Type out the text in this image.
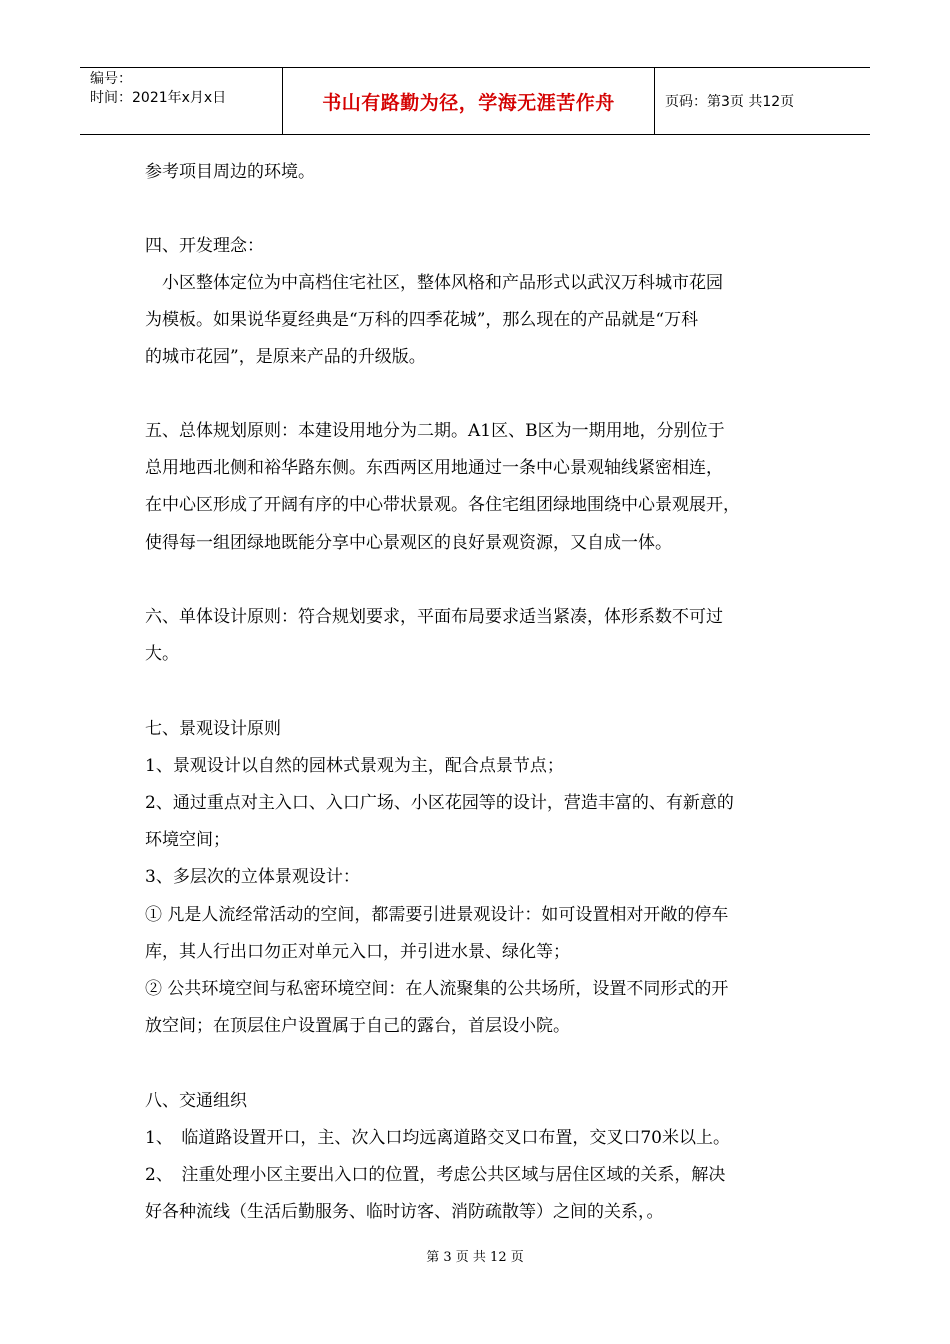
编号：
时间：2021年x月x日	书山有路勤为径，学海无涯苦作舟	页码：第3页 共12页
参考项目周边的环境。
四、开发理念：
　小区整体定位为中高档住宅社区，整体风格和产品形式以武汉万科城市花园
为模板。如果说华夏经典是“万科的四季花城”，那么现在的产品就是“万科
的城市花园”，是原来产品的升级版。
五、总体规划原则：本建设用地分为二期。A1区、B区为一期用地，分别位于
总用地西北侧和裕华路东侧。东西两区用地通过一条中心景观轴线紧密相连，
在中心区形成了开阔有序的中心带状景观。各住宅组团绿地围绕中心景观展开，
使得每一组团绿地既能分享中心景观区的良好景观资源，又自成一体。
六、单体设计原则：符合规划要求，平面布局要求适当紧凑，体形系数不可过
大。
七、景观设计原则
1、景观设计以自然的园林式景观为主，配合点景节点；
2、通过重点对主入口、入口广场、小区花园等的设计，营造丰富的、有新意的
环境空间；
3、多层次的立体景观设计：
① 凡是人流经常活动的空间，都需要引进景观设计：如可设置相对开敞的停车
库，其人行出口勿正对单元入口，并引进水景、绿化等；
② 公共环境空间与私密环境空间：在人流聚集的公共场所，设置不同形式的开
放空间；在顶层住户设置属于自己的露台，首层设小院。
八、交通组织
1、　临道路设置开口，主、次入口均远离道路交叉口布置，交叉口70米以上。
2、　注重处理小区主要出入口的位置，考虑公共区域与居住区域的关系，解决
好各种流线（生活后勤服务、临时访客、消防疏散等）之间的关系，。
第 3 页 共 12 页
